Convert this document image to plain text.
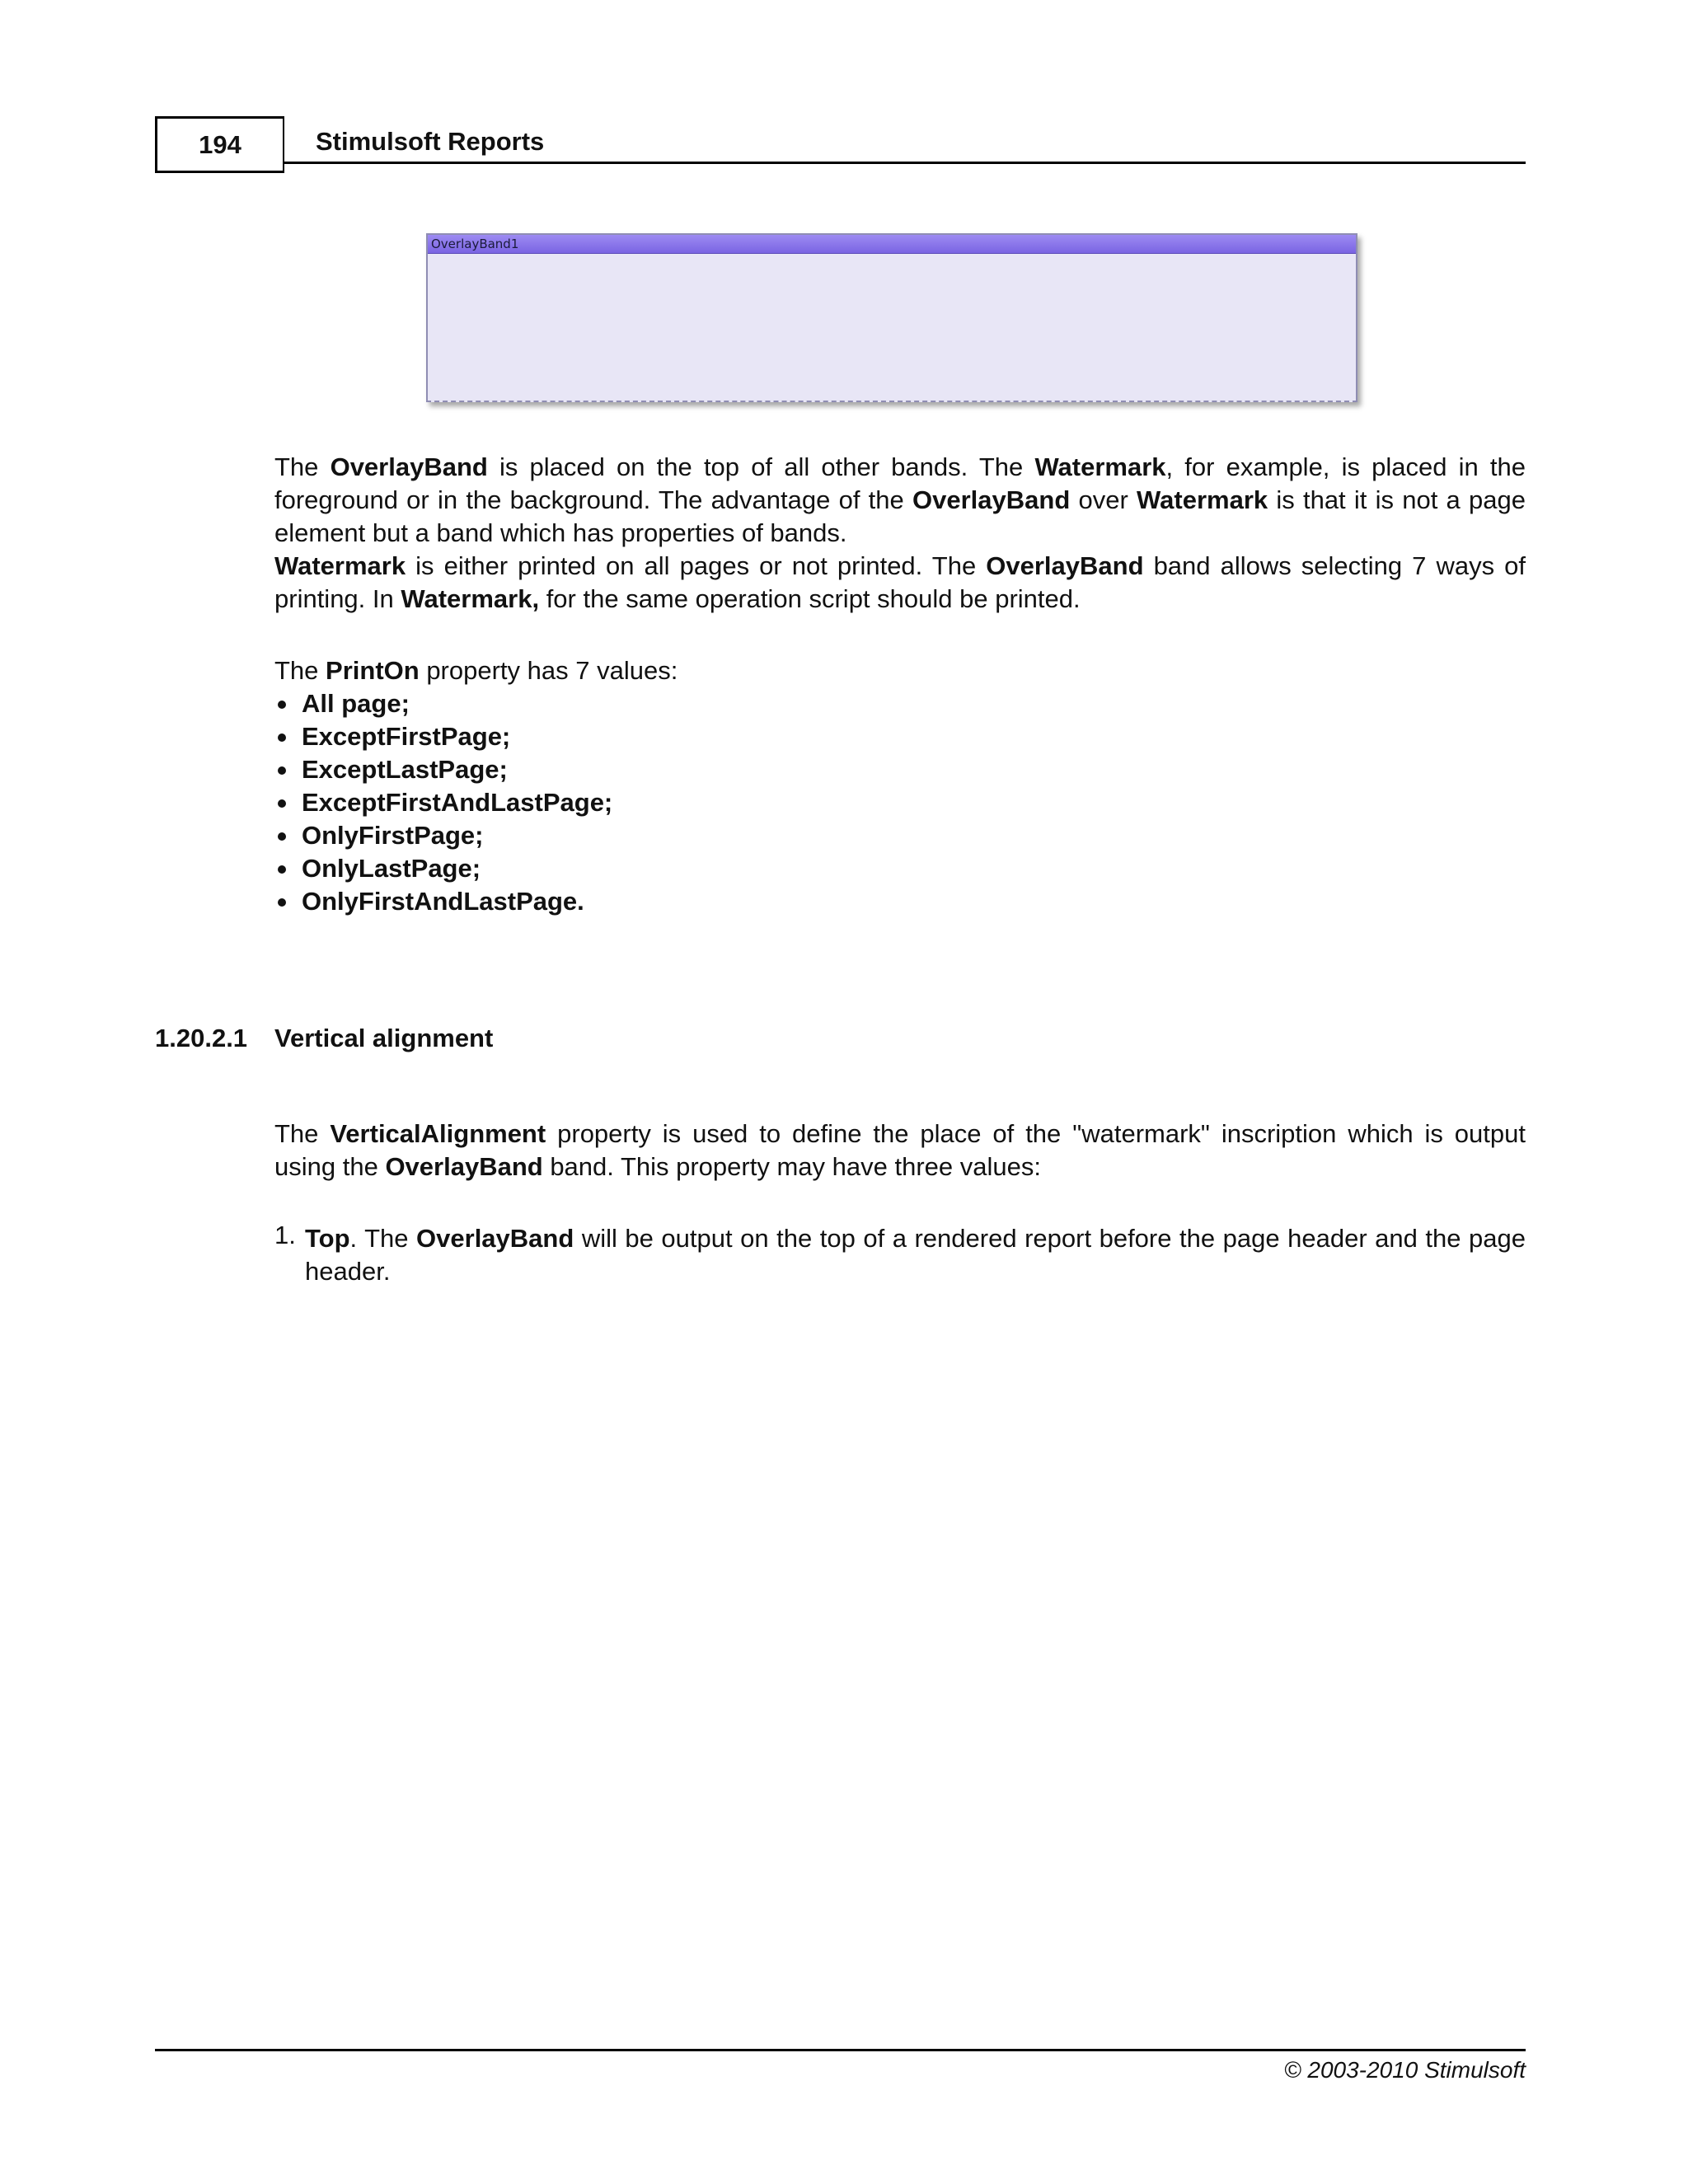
194	Stimulsoft Reports
OverlayBand1

The OverlayBand is placed on the top of all other bands. The Watermark, for example, is placed in the foreground or in the background. The advantage of the OverlayBand over Watermark is that it is not a page element but a band which has properties of bands.

Watermark is either printed on all pages or not printed. The OverlayBand band allows selecting 7 ways of printing. In Watermark, for the same operation script should be printed.

The PrintOn property has 7 values:

All page;
ExceptFirstPage;
ExceptLastPage;
ExceptFirstAndLastPage;
OnlyFirstPage;
OnlyLastPage;
OnlyFirstAndLastPage.
1.20.2.1 Vertical alignment

The VerticalAlignment property is used to define the place of the "watermark" inscription which is output using the OverlayBand band. This property may have three values:

1. Top. The OverlayBand will be output on the top of a rendered report before the page header and the page header.
© 2003-2010 Stimulsoft
